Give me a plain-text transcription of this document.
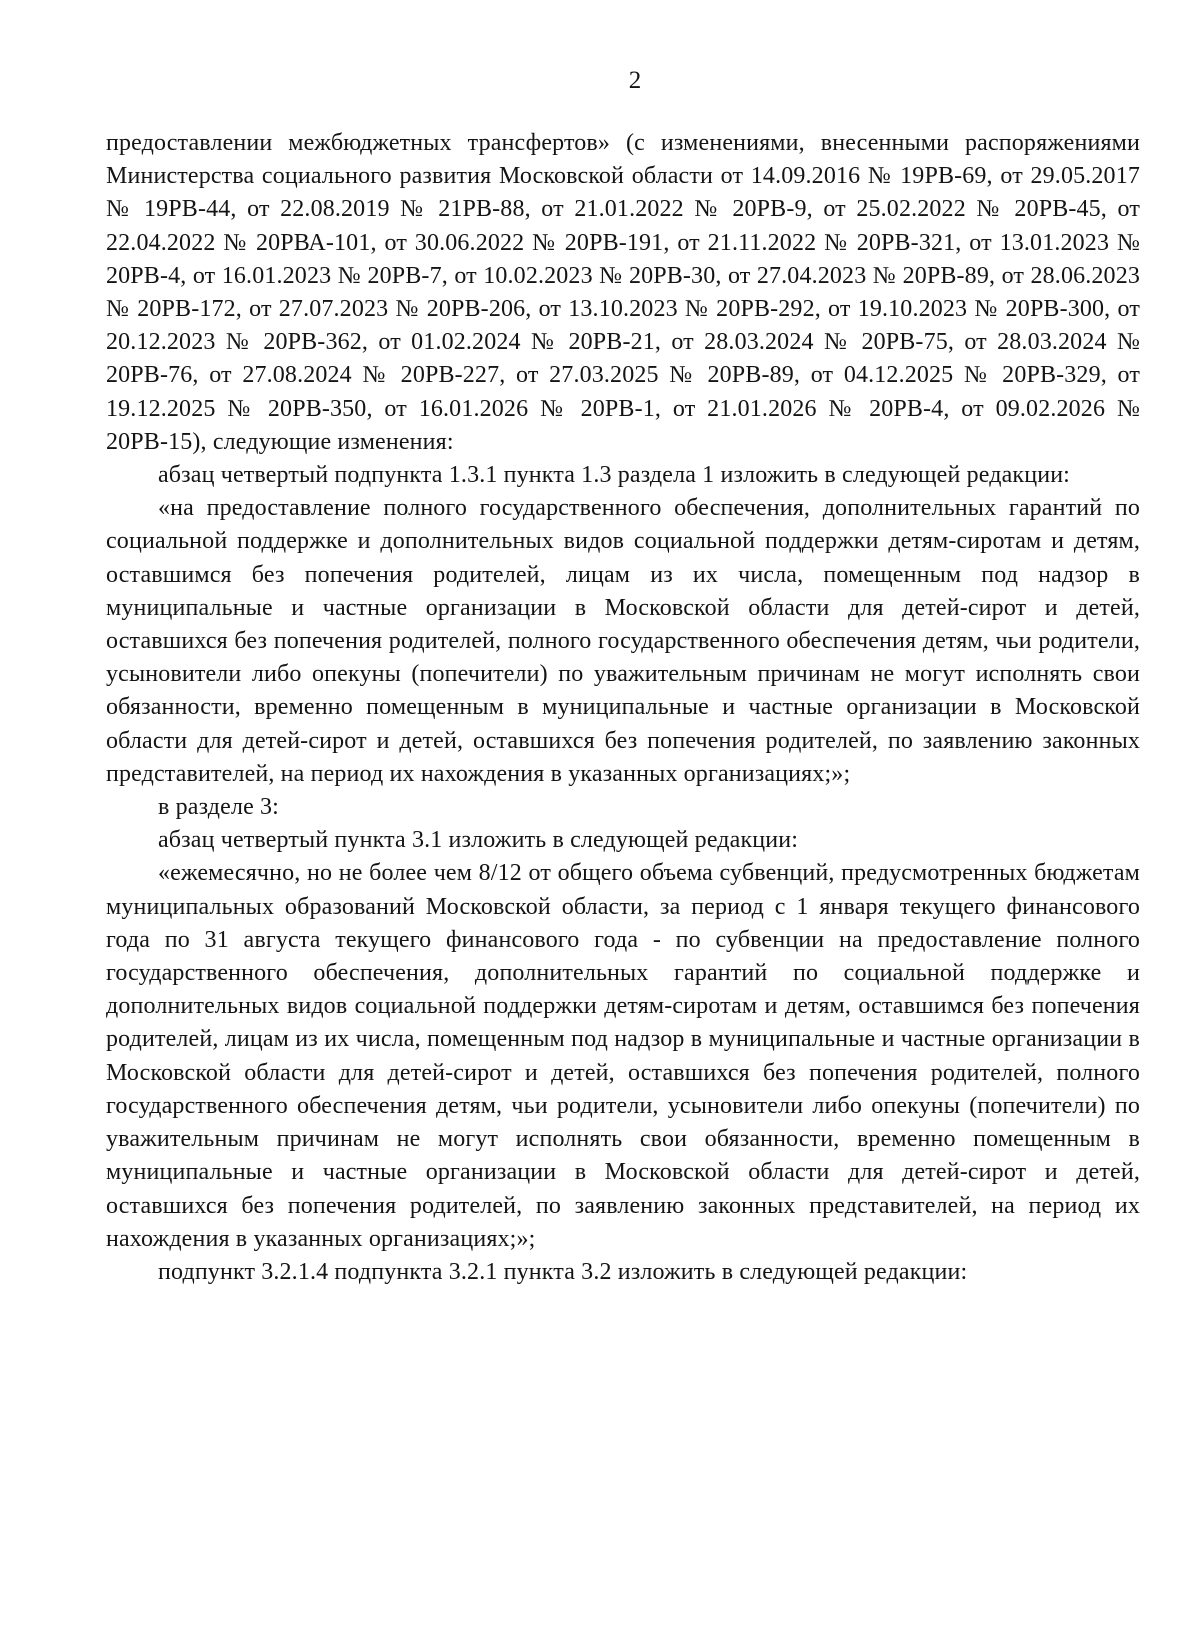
2

предоставлении межбюджетных трансфертов» (с изменениями, внесенными распоряжениями Министерства социального развития Московской области от 14.09.2016 № 19РВ-69, от 29.05.2017 № 19РВ-44, от 22.08.2019 № 21РВ-88, от 21.01.2022 № 20РВ-9, от 25.02.2022 № 20РВ-45, от 22.04.2022 № 20РВА-101, от 30.06.2022 № 20РВ-191, от 21.11.2022 № 20РВ-321, от 13.01.2023 № 20РВ-4, от 16.01.2023 № 20РВ-7, от 10.02.2023 № 20РВ-30, от 27.04.2023 № 20РВ-89, от 28.06.2023 № 20РВ-172, от 27.07.2023 № 20РВ-206, от 13.10.2023 № 20РВ-292, от 19.10.2023 № 20РВ-300, от 20.12.2023 № 20РВ-362, от 01.02.2024 № 20РВ-21, от 28.03.2024 № 20РВ-75, от 28.03.2024 № 20РВ-76, от 27.08.2024 № 20РВ-227, от 27.03.2025 № 20РВ-89, от 04.12.2025 № 20РВ-329, от 19.12.2025 № 20РВ-350, от 16.01.2026 № 20РВ-1, от 21.01.2026 № 20РВ-4, от 09.02.2026 № 20РВ-15), следующие изменения:

абзац четвертый подпункта 1.3.1 пункта 1.3 раздела 1 изложить в следующей редакции:

«на предоставление полного государственного обеспечения, дополнительных гарантий по социальной поддержке и дополнительных видов социальной поддержки детям-сиротам и детям, оставшимся без попечения родителей, лицам из их числа, помещенным под надзор в муниципальные и частные организации в Московской области для детей-сирот и детей, оставшихся без попечения родителей, полного государственного обеспечения детям, чьи родители, усыновители либо опекуны (попечители) по уважительным причинам не могут исполнять свои обязанности, временно помещенным в муниципальные и частные организации в Московской области для детей-сирот и детей, оставшихся без попечения родителей, по заявлению законных представителей, на период их нахождения в указанных организациях;»;

в разделе 3:

абзац четвертый пункта 3.1 изложить в следующей редакции:

«ежемесячно, но не более чем 8/12 от общего объема субвенций, предусмотренных бюджетам муниципальных образований Московской области, за период с 1 января текущего финансового года по 31 августа текущего финансового года - по субвенции на предоставление полного государственного обеспечения, дополнительных гарантий по социальной поддержке и дополнительных видов социальной поддержки детям-сиротам и детям, оставшимся без попечения родителей, лицам из их числа, помещенным под надзор в муниципальные и частные организации в Московской области для детей-сирот и детей, оставшихся без попечения родителей, полного государственного обеспечения детям, чьи родители, усыновители либо опекуны (попечители) по уважительным причинам не могут исполнять свои обязанности, временно помещенным в муниципальные и частные организации в Московской области для детей-сирот и детей, оставшихся без попечения родителей, по заявлению законных представителей, на период их нахождения в указанных организациях;»;

подпункт 3.2.1.4 подпункта 3.2.1 пункта 3.2 изложить в следующей редакции:
